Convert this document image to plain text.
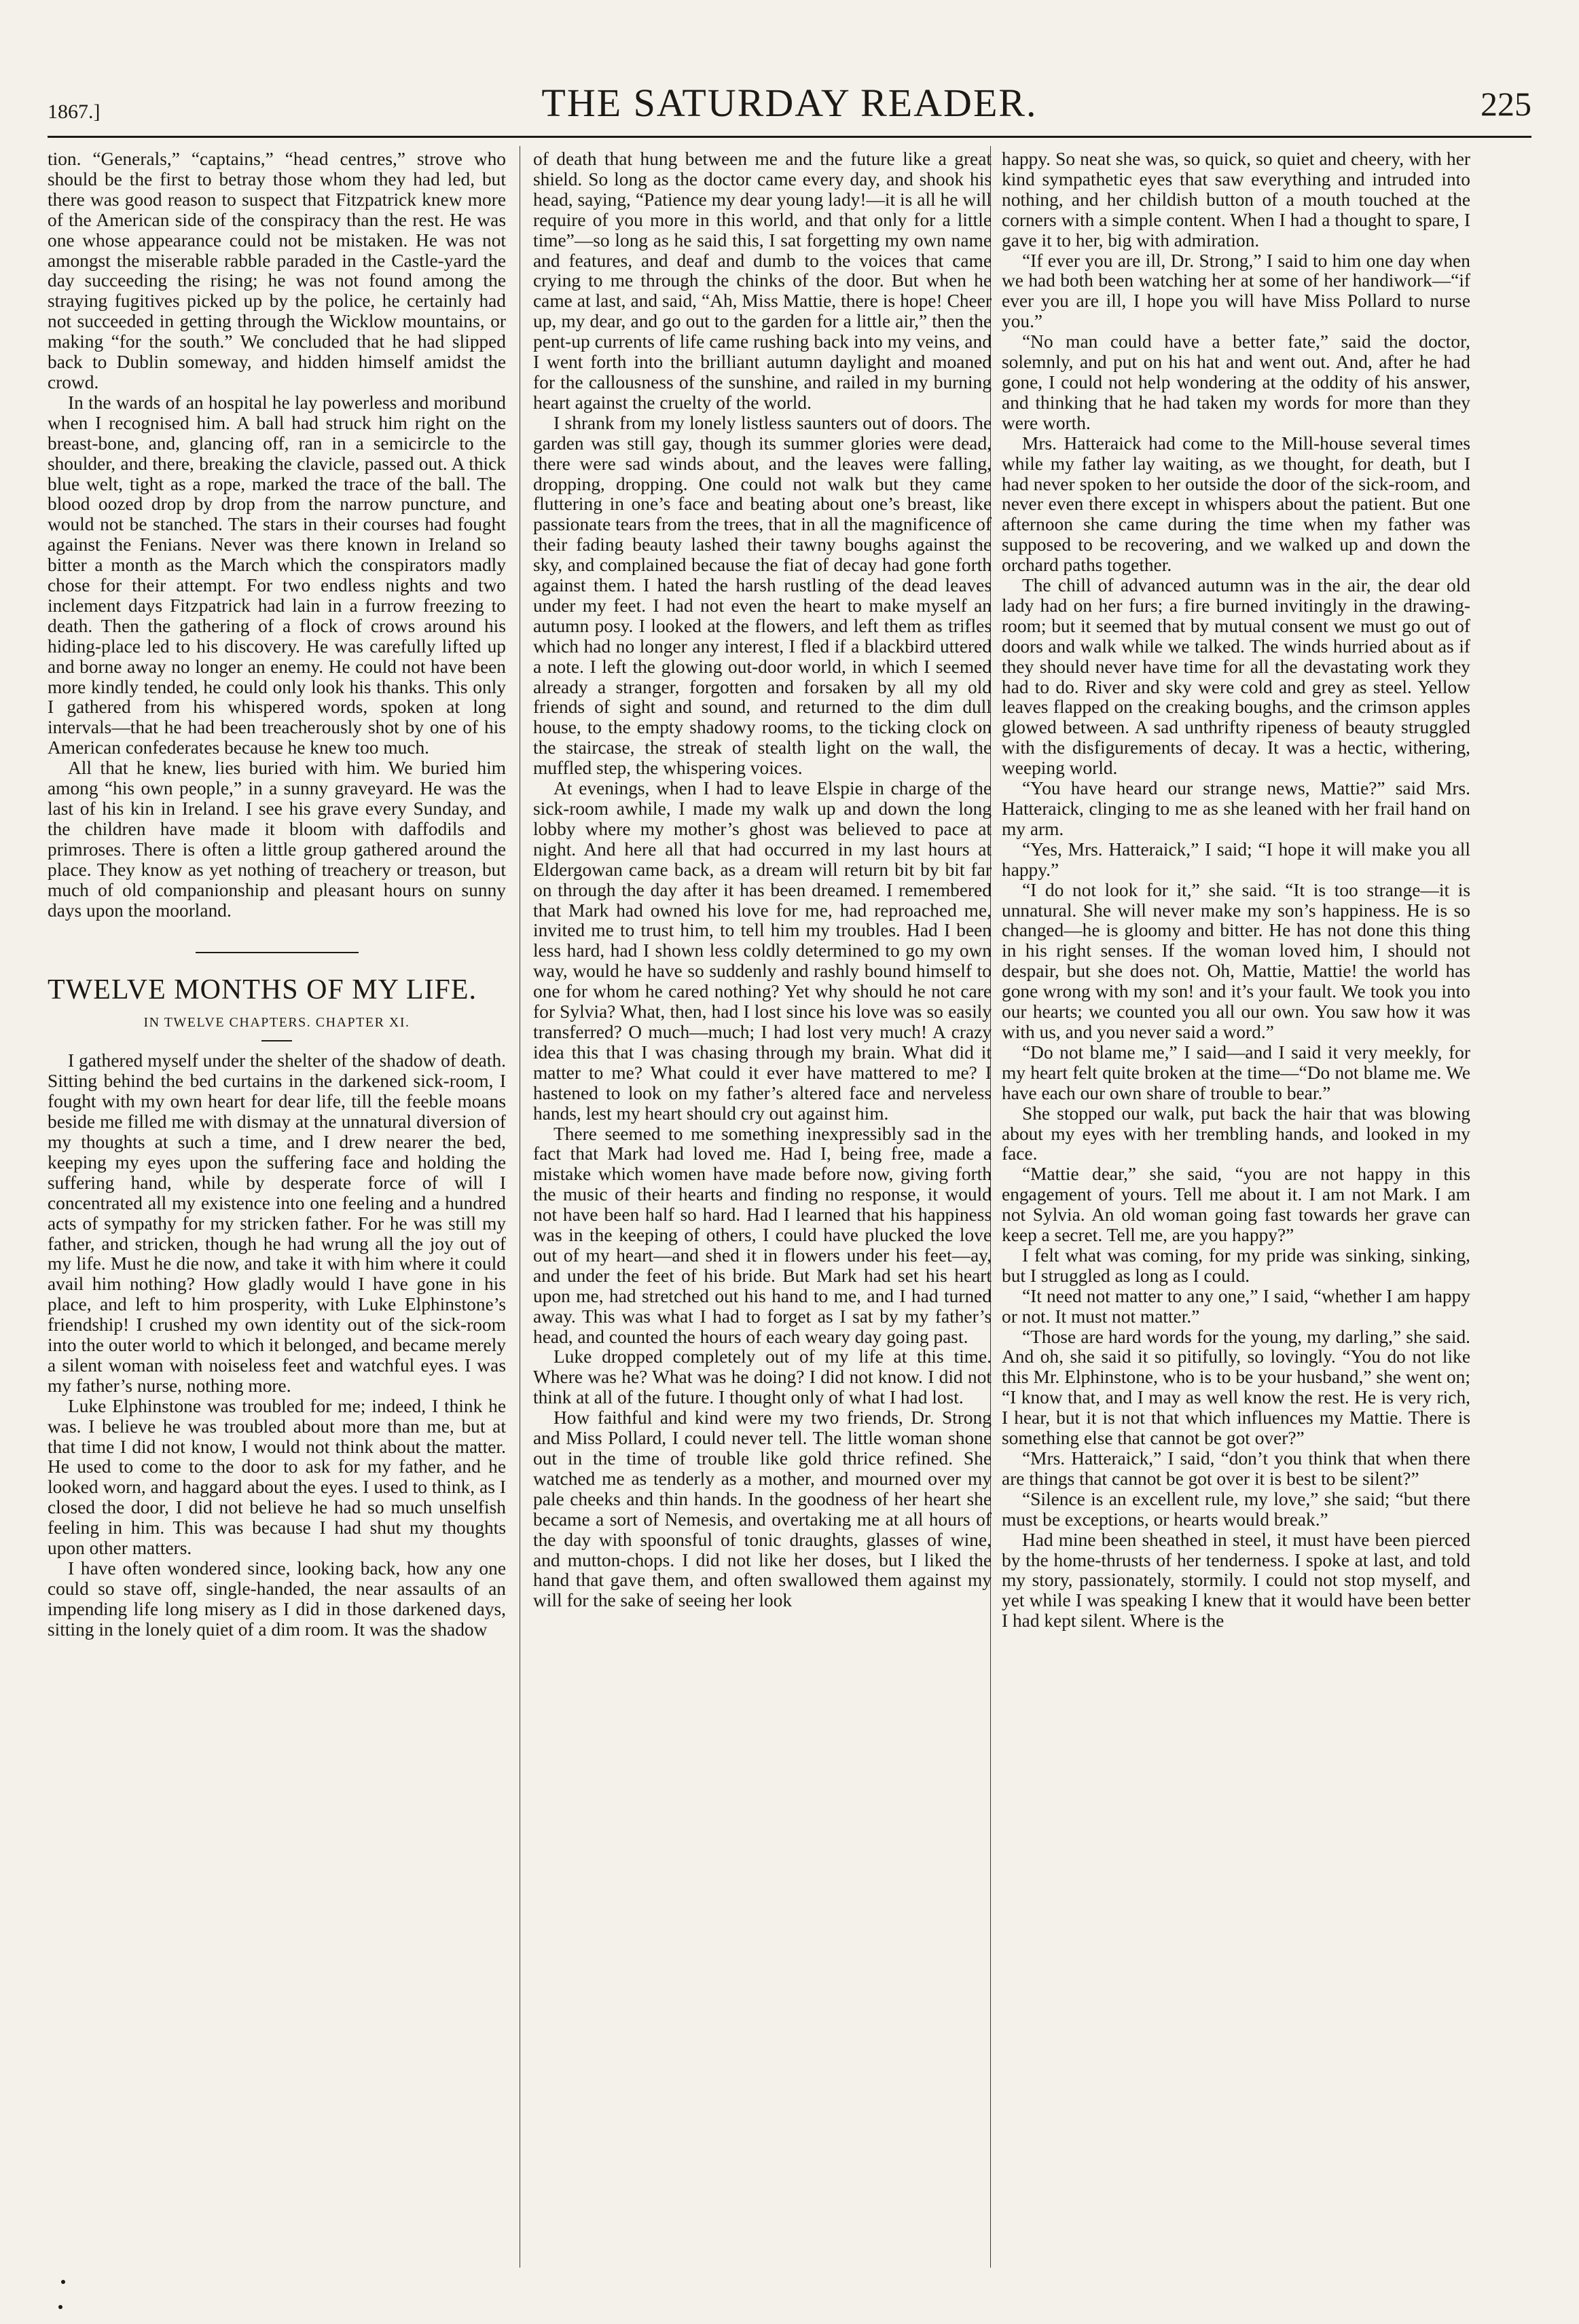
1867.]	THE SATURDAY READER.	225

tion. “Generals,” “captains,” “head centres,” strove who should be the first to betray those whom they had led, but there was good reason to suspect that Fitzpatrick knew more of the American side of the conspiracy than the rest. He was one whose appearance could not be mistaken. He was not amongst the miserable rabble paraded in the Castle-yard the day succeeding the rising; he was not found among the straying fugitives picked up by the police, he certainly had not succeeded in getting through the Wicklow mountains, or making “for the south.” We concluded that he had slipped back to Dublin someway, and hidden himself amidst the crowd.

In the wards of an hospital he lay powerless and moribund when I recognised him. A ball had struck him right on the breast-bone, and, glancing off, ran in a semicircle to the shoulder, and there, breaking the clavicle, passed out. A thick blue welt, tight as a rope, marked the trace of the ball. The blood oozed drop by drop from the narrow puncture, and would not be stanched. The stars in their courses had fought against the Fenians. Never was there known in Ireland so bitter a month as the March which the conspirators madly chose for their attempt. For two endless nights and two inclement days Fitzpatrick had lain in a furrow freezing to death. Then the gathering of a flock of crows around his hiding-place led to his discovery. He was carefully lifted up and borne away no longer an enemy. He could not have been more kindly tended, he could only look his thanks. This only I gathered from his whispered words, spoken at long intervals—that he had been treacherously shot by one of his American confederates because he knew too much.

All that he knew, lies buried with him. We buried him among “his own people,” in a sunny graveyard. He was the last of his kin in Ireland. I see his grave every Sunday, and the children have made it bloom with daffodils and primroses. There is often a little group gathered around the place. They know as yet nothing of treachery or treason, but much of old companionship and pleasant hours on sunny days upon the moorland.

TWELVE MONTHS OF MY LIFE.
IN TWELVE CHAPTERS. CHAPTER XI.

I gathered myself under the shelter of the shadow of death. Sitting behind the bed curtains in the darkened sick-room, I fought with my own heart for dear life, till the feeble moans beside me filled me with dismay at the unnatural diversion of my thoughts at such a time, and I drew nearer the bed, keeping my eyes upon the suffering face and holding the suffering hand, while by desperate force of will I concentrated all my existence into one feeling and a hundred acts of sympathy for my stricken father. For he was still my father, and stricken, though he had wrung all the joy out of my life. Must he die now, and take it with him where it could avail him nothing? How gladly would I have gone in his place, and left to him prosperity, with Luke Elphinstone’s friendship! I crushed my own identity out of the sick-room into the outer world to which it belonged, and became merely a silent woman with noiseless feet and watchful eyes. I was my father’s nurse, nothing more.

Luke Elphinstone was troubled for me; indeed, I think he was. I believe he was troubled about more than me, but at that time I did not know, I would not think about the matter. He used to come to the door to ask for my father, and he looked worn, and haggard about the eyes. I used to think, as I closed the door, I did not believe he had so much unselfish feeling in him. This was because I had shut my thoughts upon other matters.

I have often wondered since, looking back, how any one could so stave off, single-handed, the near assaults of an impending life long misery as I did in those darkened days, sitting in the lonely quiet of a dim room. It was the shadow

of death that hung between me and the future like a great shield. So long as the doctor came every day, and shook his head, saying, “Patience my dear young lady!—it is all he will require of you more in this world, and that only for a little time”—so long as he said this, I sat forgetting my own name and features, and deaf and dumb to the voices that came crying to me through the chinks of the door. But when he came at last, and said, “Ah, Miss Mattie, there is hope! Cheer up, my dear, and go out to the garden for a little air,” then the pent-up currents of life came rushing back into my veins, and I went forth into the brilliant autumn daylight and moaned for the callousness of the sunshine, and railed in my burning heart against the cruelty of the world.

I shrank from my lonely listless saunters out of doors. The garden was still gay, though its summer glories were dead, there were sad winds about, and the leaves were falling, dropping, dropping. One could not walk but they came fluttering in one’s face and beating about one’s breast, like passionate tears from the trees, that in all the magnificence of their fading beauty lashed their tawny boughs against the sky, and complained because the fiat of decay had gone forth against them. I hated the harsh rustling of the dead leaves under my feet. I had not even the heart to make myself an autumn posy. I looked at the flowers, and left them as trifles which had no longer any interest, I fled if a blackbird uttered a note. I left the glowing out-door world, in which I seemed already a stranger, forgotten and forsaken by all my old friends of sight and sound, and returned to the dim dull house, to the empty shadowy rooms, to the ticking clock on the staircase, the streak of stealth light on the wall, the muffled step, the whispering voices.

At evenings, when I had to leave Elspie in charge of the sick-room awhile, I made my walk up and down the long lobby where my mother’s ghost was believed to pace at night. And here all that had occurred in my last hours at Eldergowan came back, as a dream will return bit by bit far on through the day after it has been dreamed. I remembered that Mark had owned his love for me, had reproached me, invited me to trust him, to tell him my troubles. Had I been less hard, had I shown less coldly determined to go my own way, would he have so suddenly and rashly bound himself to one for whom he cared nothing? Yet why should he not care for Sylvia? What, then, had I lost since his love was so easily transferred? O much—much; I had lost very much! A crazy idea this that I was chasing through my brain. What did it matter to me? What could it ever have mattered to me? I hastened to look on my father’s altered face and nerveless hands, lest my heart should cry out against him.

There seemed to me something inexpressibly sad in the fact that Mark had loved me. Had I, being free, made a mistake which women have made before now, giving forth the music of their hearts and finding no response, it would not have been half so hard. Had I learned that his happiness was in the keeping of others, I could have plucked the love out of my heart—and shed it in flowers under his feet—ay, and under the feet of his bride. But Mark had set his heart upon me, had stretched out his hand to me, and I had turned away. This was what I had to forget as I sat by my father’s head, and counted the hours of each weary day going past.

Luke dropped completely out of my life at this time. Where was he? What was he doing? I did not know. I did not think at all of the future. I thought only of what I had lost.

How faithful and kind were my two friends, Dr. Strong and Miss Pollard, I could never tell. The little woman shone out in the time of trouble like gold thrice refined. She watched me as tenderly as a mother, and mourned over my pale cheeks and thin hands. In the goodness of her heart she became a sort of Nemesis, and overtaking me at all hours of the day with spoonsful of tonic draughts, glasses of wine, and mutton-chops. I did not like her doses, but I liked the hand that gave them, and often swallowed them against my will for the sake of seeing her look

happy. So neat she was, so quick, so quiet and cheery, with her kind sympathetic eyes that saw everything and intruded into nothing, and her childish button of a mouth touched at the corners with a simple content. When I had a thought to spare, I gave it to her, big with admiration.

“If ever you are ill, Dr. Strong,” I said to him one day when we had both been watching her at some of her handiwork—“if ever you are ill, I hope you will have Miss Pollard to nurse you.”

“No man could have a better fate,” said the doctor, solemnly, and put on his hat and went out. And, after he had gone, I could not help wondering at the oddity of his answer, and thinking that he had taken my words for more than they were worth.

Mrs. Hatteraick had come to the Mill-house several times while my father lay waiting, as we thought, for death, but I had never spoken to her outside the door of the sick-room, and never even there except in whispers about the patient. But one afternoon she came during the time when my father was supposed to be recovering, and we walked up and down the orchard paths together.

The chill of advanced autumn was in the air, the dear old lady had on her furs; a fire burned invitingly in the drawing-room; but it seemed that by mutual consent we must go out of doors and walk while we talked. The winds hurried about as if they should never have time for all the devastating work they had to do. River and sky were cold and grey as steel. Yellow leaves flapped on the creaking boughs, and the crimson apples glowed between. A sad unthrifty ripeness of beauty struggled with the disfigurements of decay. It was a hectic, withering, weeping world.

“You have heard our strange news, Mattie?” said Mrs. Hatteraick, clinging to me as she leaned with her frail hand on my arm.

“Yes, Mrs. Hatteraick,” I said; “I hope it will make you all happy.”

“I do not look for it,” she said. “It is too strange—it is unnatural. She will never make my son’s happiness. He is so changed—he is gloomy and bitter. He has not done this thing in his right senses. If the woman loved him, I should not despair, but she does not. Oh, Mattie, Mattie! the world has gone wrong with my son! and it’s your fault. We took you into our hearts; we counted you all our own. You saw how it was with us, and you never said a word.”

“Do not blame me,” I said—and I said it very meekly, for my heart felt quite broken at the time—“Do not blame me. We have each our own share of trouble to bear.”

She stopped our walk, put back the hair that was blowing about my eyes with her trembling hands, and looked in my face.

“Mattie dear,” she said, “you are not happy in this engagement of yours. Tell me about it. I am not Mark. I am not Sylvia. An old woman going fast towards her grave can keep a secret. Tell me, are you happy?”

I felt what was coming, for my pride was sinking, sinking, but I struggled as long as I could.

“It need not matter to any one,” I said, “whether I am happy or not. It must not matter.”

“Those are hard words for the young, my darling,” she said. And oh, she said it so pitifully, so lovingly. “You do not like this Mr. Elphinstone, who is to be your husband,” she went on; “I know that, and I may as well know the rest. He is very rich, I hear, but it is not that which influences my Mattie. There is something else that cannot be got over?”

“Mrs. Hatteraick,” I said, “don’t you think that when there are things that cannot be got over it is best to be silent?”

“Silence is an excellent rule, my love,” she said; “but there must be exceptions, or hearts would break.”

Had mine been sheathed in steel, it must have been pierced by the home-thrusts of her tenderness. I spoke at last, and told my story, passionately, stormily. I could not stop myself, and yet while I was speaking I knew that it would have been better I had kept silent. Where is the
